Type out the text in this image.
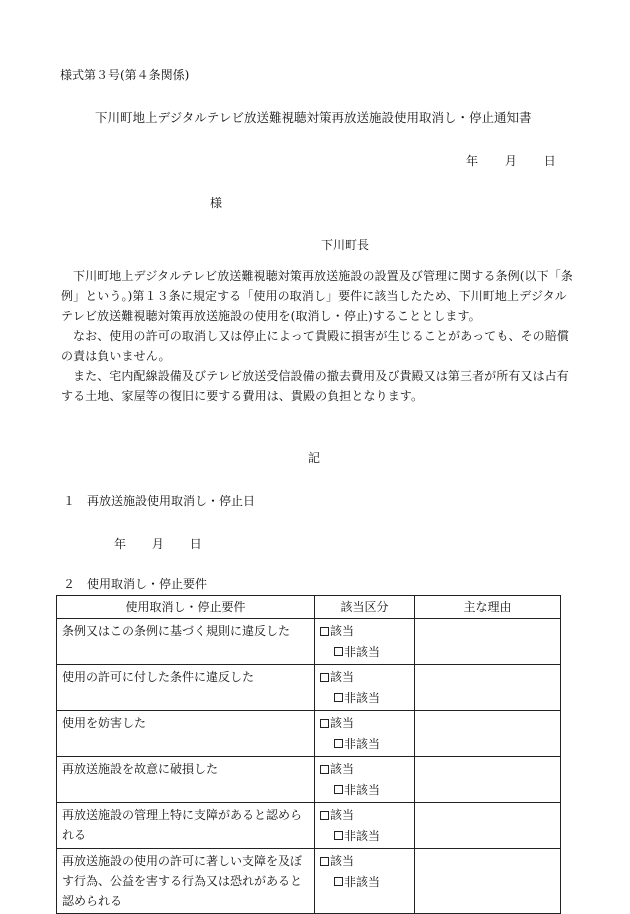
様式第３号(第４条関係)
下川町地上デジタルテレビ放送難視聴対策再放送施設使用取消し・停止通知書
年 月 日
様
下川町長

下川町地上デジタルテレビ放送難視聴対策再放送施設の設置及び管理に関する条例(以下「条例」という。)第１３条に規定する「使用の取消し」要件に該当したため、下川町地上デジタルテレビ放送難視聴対策再放送施設の使用を(取消し・停止)することとします。

なお、使用の許可の取消し又は停止によって貴殿に損害が生じることがあっても、その賠償の責は負いません。

また、宅内配線設備及びテレビ放送受信設備の撤去費用及び貴殿又は第三者が所有又は占有する土地、家屋等の復旧に要する費用は、貴殿の負担となります。

記
１ 再放送施設使用取消し・停止日
年 月 日
２ 使用取消し・停止要件
使用取消し・停止要件	該当区分	主な理由
条例又はこの条例に基づく規則に違反した	該当
非該当	

使用の許可に付した条件に違反した	該当
非該当	

使用を妨害した	該当
非該当	

再放送施設を故意に破損した	該当
非該当	

再放送施設の管理上特に支障があると認められる	該当
非該当	

再放送施設の使用の許可に著しい支障を及ぼす行為、公益を害する行為又は恐れがあると認められる	該当
非該当	
